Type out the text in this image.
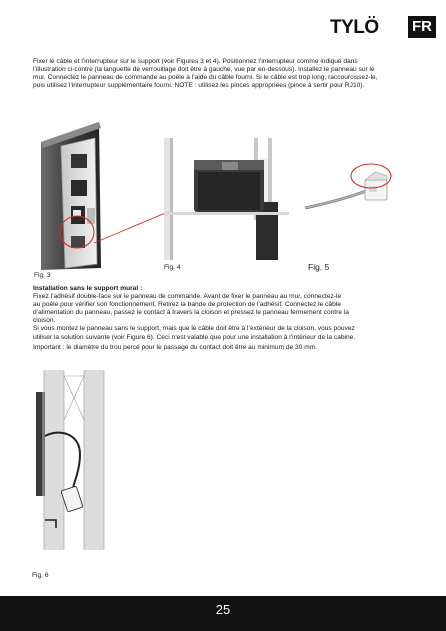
TYLÖ FR
Fixer le câble et l’interrupteur sur le support (voir Figures 3 et 4). Positionnez l’interrupteur comme indiqué dans
l’illustration ci-contre (la languette de verrouillage doit être à gauche, vue par en-dessous). Installez le panneau sur le
mur. Connectez le panneau de commande au poêle à l’aide du câble fourni. Si le câble est trop long, raccourcissez-le,
puis utilisez l’interrupteur supplémentaire fourni. NOTE : utilisez les pinces appropriées (pince à sertir pour RJ10).
Fig. 3
Fig. 4	Fig. 5
Installation sans le support mural :
Fixez l’adhésif double-face sur le panneau de commande. Avant de fixer le panneau au mur, connectez-le
au poêle pour vérifier son fonctionnement. Retirez la bande de protection de l’adhésif. Connectez le câble
d’alimentation du panneau, passez le contact à travers la cloison et pressez le panneau fermement contre la
cloison.
Si vous montez le panneau sans le support, mais que le câble doit être à l’extérieur de la cloison, vous pouvez
utiliser la solution suivante (voir Figure 6). Ceci n’est valable que pour une installation à l’intérieur de la cabine.
Important : le diamètre du trou percé pour le passage du contact doit être au minimum de 30 mm.
Fig. 6
25
